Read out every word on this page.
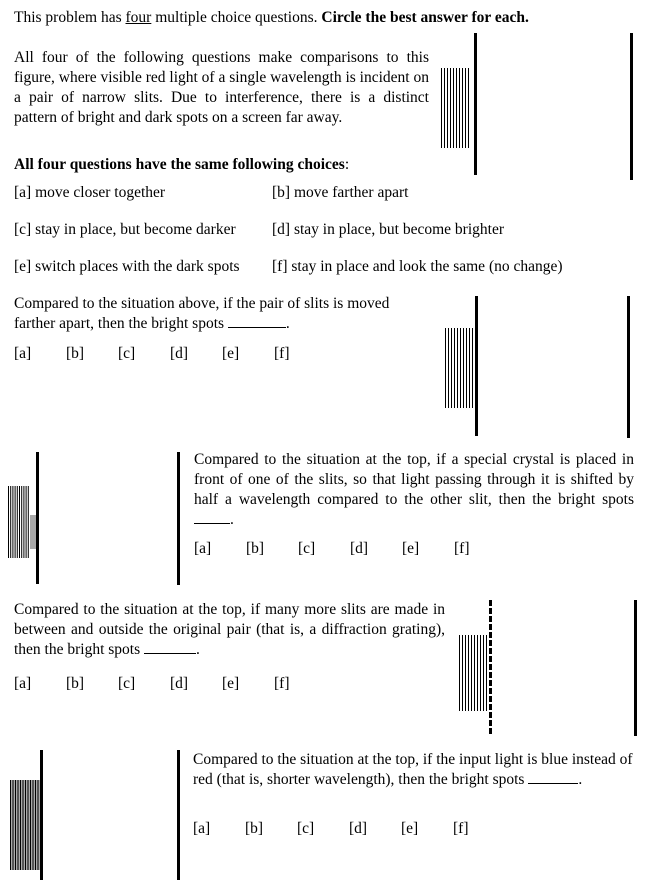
This problem has four multiple choice questions. Circle the best answer for each.
All four of the following questions make comparisons to this figure, where visible red light of a single wavelength is incident on a pair of narrow slits. Due to interference, there is a distinct pattern of bright and dark spots on a screen far away.
All four questions have the same following choices:
[a] move closer together	[b] move farther apart
[c] stay in place, but become darker [d] stay in place, but become brighter
[e] switch places with the dark spots [f] stay in place and look the same (no change)
Compared to the situation above, if the pair of slits is moved farther apart, then the bright spots	.
[a]	[b]	[c]	[d]	[e]	[f]
Compared to the situation at the top, if a special crystal is placed in front of one of the slits, so that light passing through it is shifted by half a wavelength compared to the other slit, then the bright spots .
[a]	[b]	[c]	[d]	[e]	[f]
Compared to the situation at the top, if many more slits are made in between and outside the original pair (that is, a diffraction grating), then the bright spots	.
[a]	[b]	[c]	[d]	[e]	[f]
Compared to the situation at the top, if the input light is blue instead of red (that is, shorter wavelength), then the bright spots	.
[a]	[b]	[c]	[d]	[e]	[f]
